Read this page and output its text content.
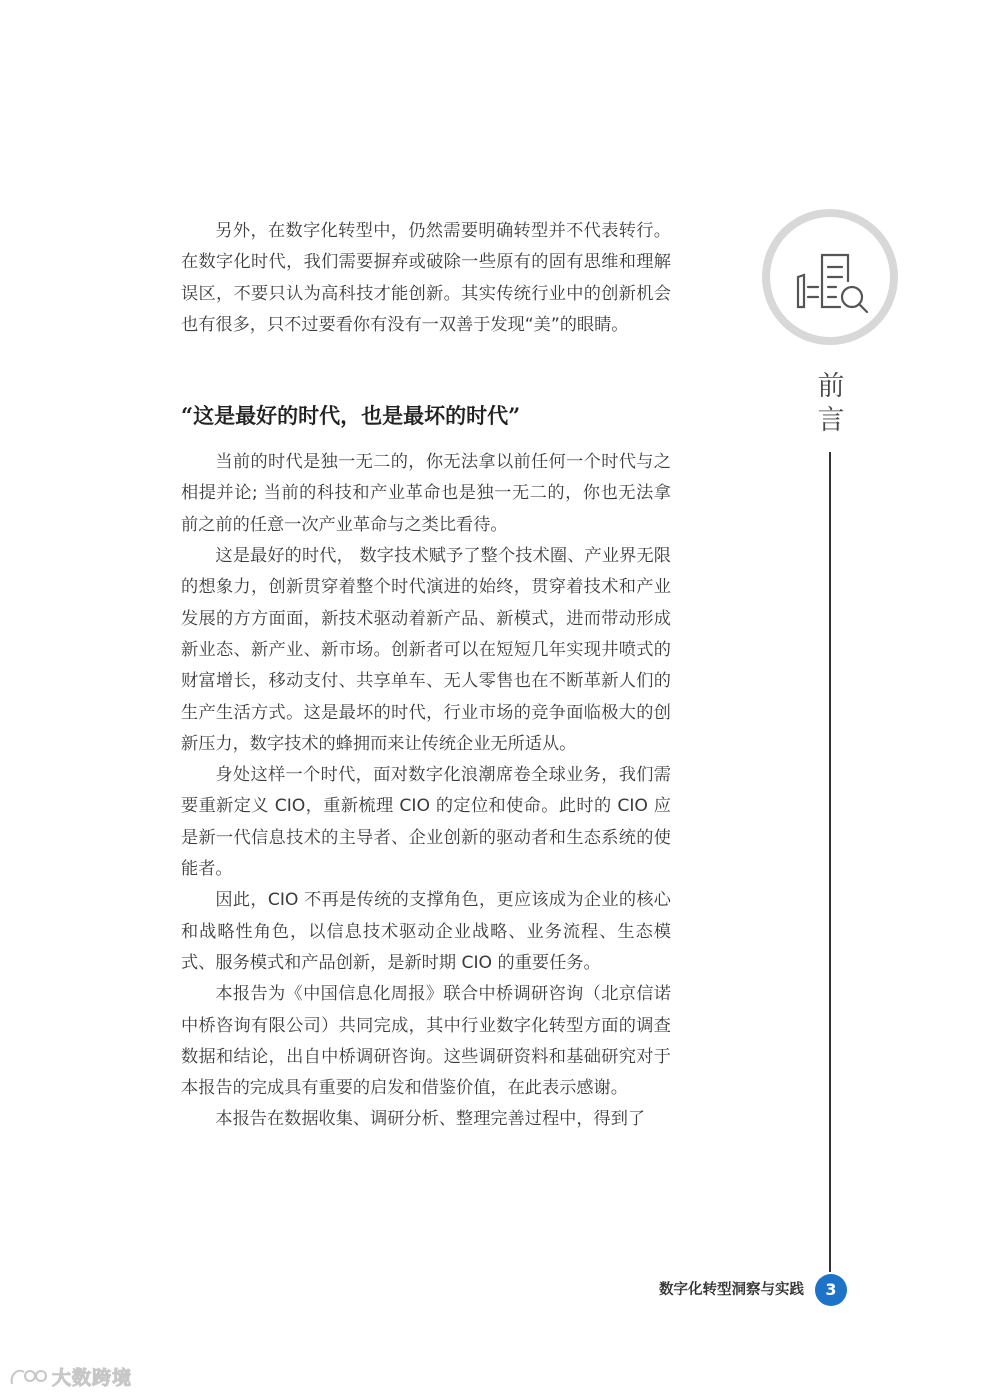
另外，在数字化转型中，仍然需要明确转型并不代表转行。在数字化时代，我们需要摒弃或破除一些原有的固有思维和理解误区，不要只认为高科技才能创新。其实传统行业中的创新机会也有很多，只不过要看你有没有一双善于发现“美”的眼睛。

“这是最好的时代，也是最坏的时代”

当前的时代是独一无二的，你无法拿以前任何一个时代与之相提并论; 当前的科技和产业革命也是独一无二的，你也无法拿前之前的任意一次产业革命与之类比看待。

这是最好的时代， 数字技术赋予了整个技术圈、产业界无限的想象力，创新贯穿着整个时代演进的始终，贯穿着技术和产业发展的方方面面，新技术驱动着新产品、新模式，进而带动形成新业态、新产业、新市场。创新者可以在短短几年实现井喷式的财富增长，移动支付、共享单车、无人零售也在不断革新人们的生产生活方式。这是最坏的时代，行业市场的竞争面临极大的创新压力，数字技术的蜂拥而来让传统企业无所适从。

身处这样一个时代，面对数字化浪潮席卷全球业务，我们需要重新定义 CIO，重新梳理 CIO 的定位和使命。此时的 CIO 应是新一代信息技术的主导者、企业创新的驱动者和生态系统的使能者。

因此，CIO 不再是传统的支撑角色，更应该成为企业的核心和战略性角色，以信息技术驱动企业战略、业务流程、生态模式、服务模式和产品创新，是新时期 CIO 的重要任务。

本报告为《中国信息化周报》联合中桥调研咨询（北京信诺中桥咨询有限公司）共同完成，其中行业数字化转型方面的调查数据和结论，出自中桥调研咨询。这些调研资料和基础研究对于本报告的完成具有重要的启发和借鉴价值，在此表示感谢。

本报告在数据收集、调研分析、整理完善过程中，得到了

前
言
数字化转型洞察与实践	3
大数跨境
